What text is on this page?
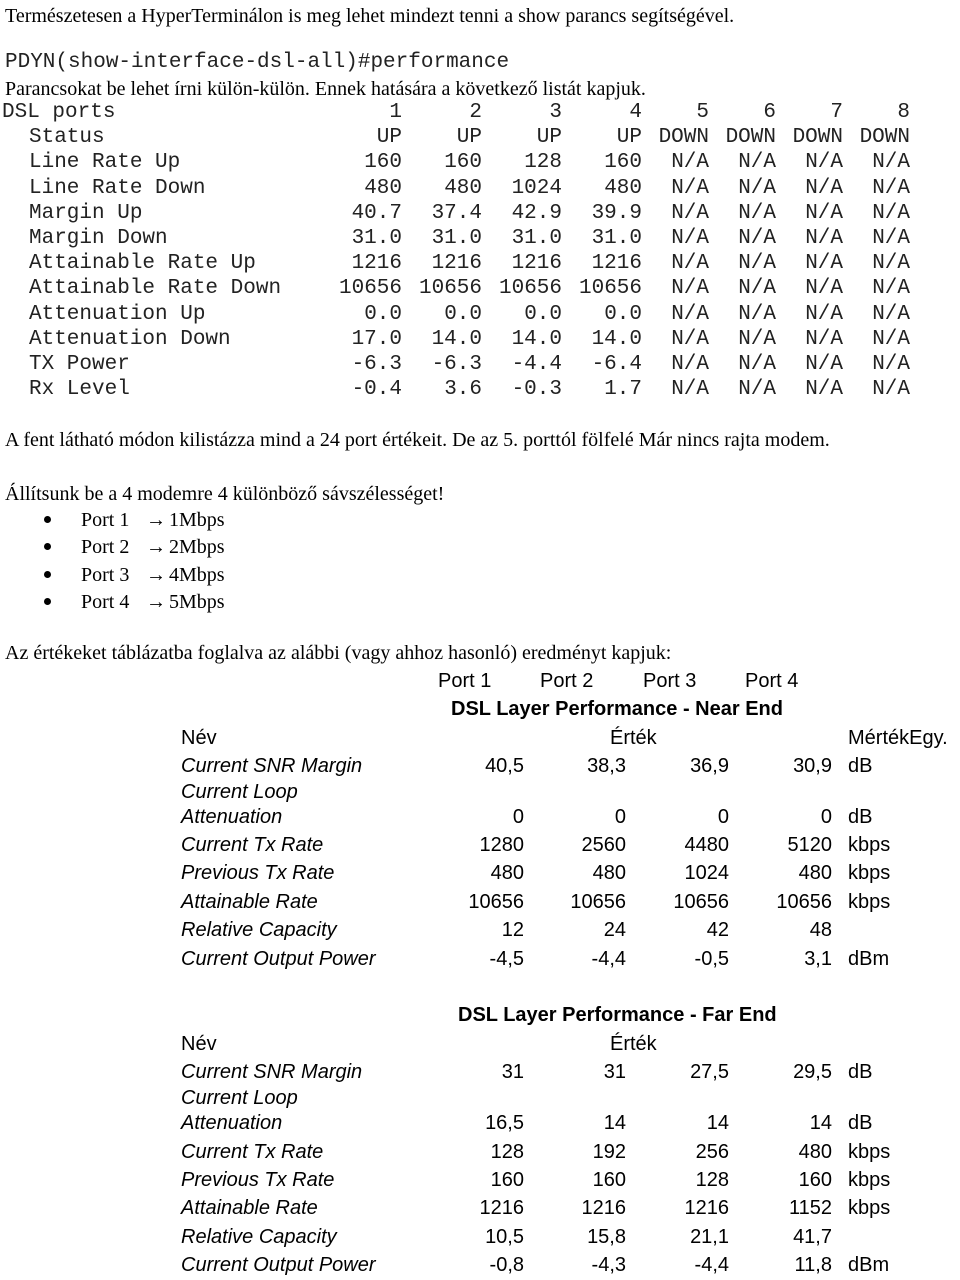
Természetesen a HyperTerminálon is meg lehet mindezt tenni a show parancs segítségével.
PDYN(show-interface-dsl-all)#performance
Parancsokat be lehet írni külön-külön. Ennek hatására a következő listát kapjuk.
DSL ports	1	2	3	4	5	6	7	8
Status	UP	UP	UP	UP DOWN DOWN DOWN DOWN
Line Rate Up	160 160 128 160 N/A N/A N/A N/A
Line Rate Down	480 480 1024 480 N/A N/A N/A N/A
Margin Up	40.7 37.4 42.9 39.9 N/A N/A N/A N/A
Margin Down	31.0 31.0 31.0 31.0 N/A N/A N/A N/A
Attainable Rate Up	1216 1216 1216 1216 N/A N/A N/A N/A
Attainable Rate Down	10656 10656 10656 10656 N/A N/A N/A N/A
Attenuation Up	0.0 0.0 0.0 0.0 N/A N/A N/A N/A
Attenuation Down	17.0 14.0 14.0 14.0 N/A N/A N/A N/A
TX Power	-6.3 -6.3 -4.4 -6.4 N/A N/A N/A N/A
Rx Level	-0.4 3.6 -0.3 1.7 N/A N/A N/A N/A
A fent látható módon kilistázza mind a 24 port értékeit. De az 5. porttól fölfelé Már nincs rajta modem.
Állítsunk be a 4 modemre 4 különböző sávszélességet!
Port 1 → 1Mbps
Port 2 → 2Mbps
Port 3 → 4Mbps
Port 4 → 5Mbps
Az értékeket táblázatba foglalva az alábbi (vagy ahhoz hasonló) eredményt kapjuk:
Port 1 Port 2 Port 3 Port 4
DSL Layer Performance - Near End
Név	Érték	MértékEgy.
Current SNR Margin	40,5	38,3	36,9	30,9 dB
Current Loop
Attenuation	0	0	0	0 dB
Current Tx Rate	1280	2560	4480	5120 kbps
Previous Tx Rate	480	480	1024	480 kbps
Attainable Rate	10656	10656	10656	10656 kbps
Relative Capacity	12	24	42	48
Current Output Power	-4,5	-4,4	-0,5	3,1 dBm
DSL Layer Performance - Far End
Név	Érték
Current SNR Margin	31	31	27,5	29,5 dB
Current Loop
Attenuation	16,5	14	14	14 dB
Current Tx Rate	128	192	256	480 kbps
Previous Tx Rate	160	160	128	160 kbps
Attainable Rate	1216	1216	1216	1152 kbps
Relative Capacity	10,5	15,8	21,1	41,7
Current Output Power	-0,8	-4,3	-4,4	11,8 dBm
